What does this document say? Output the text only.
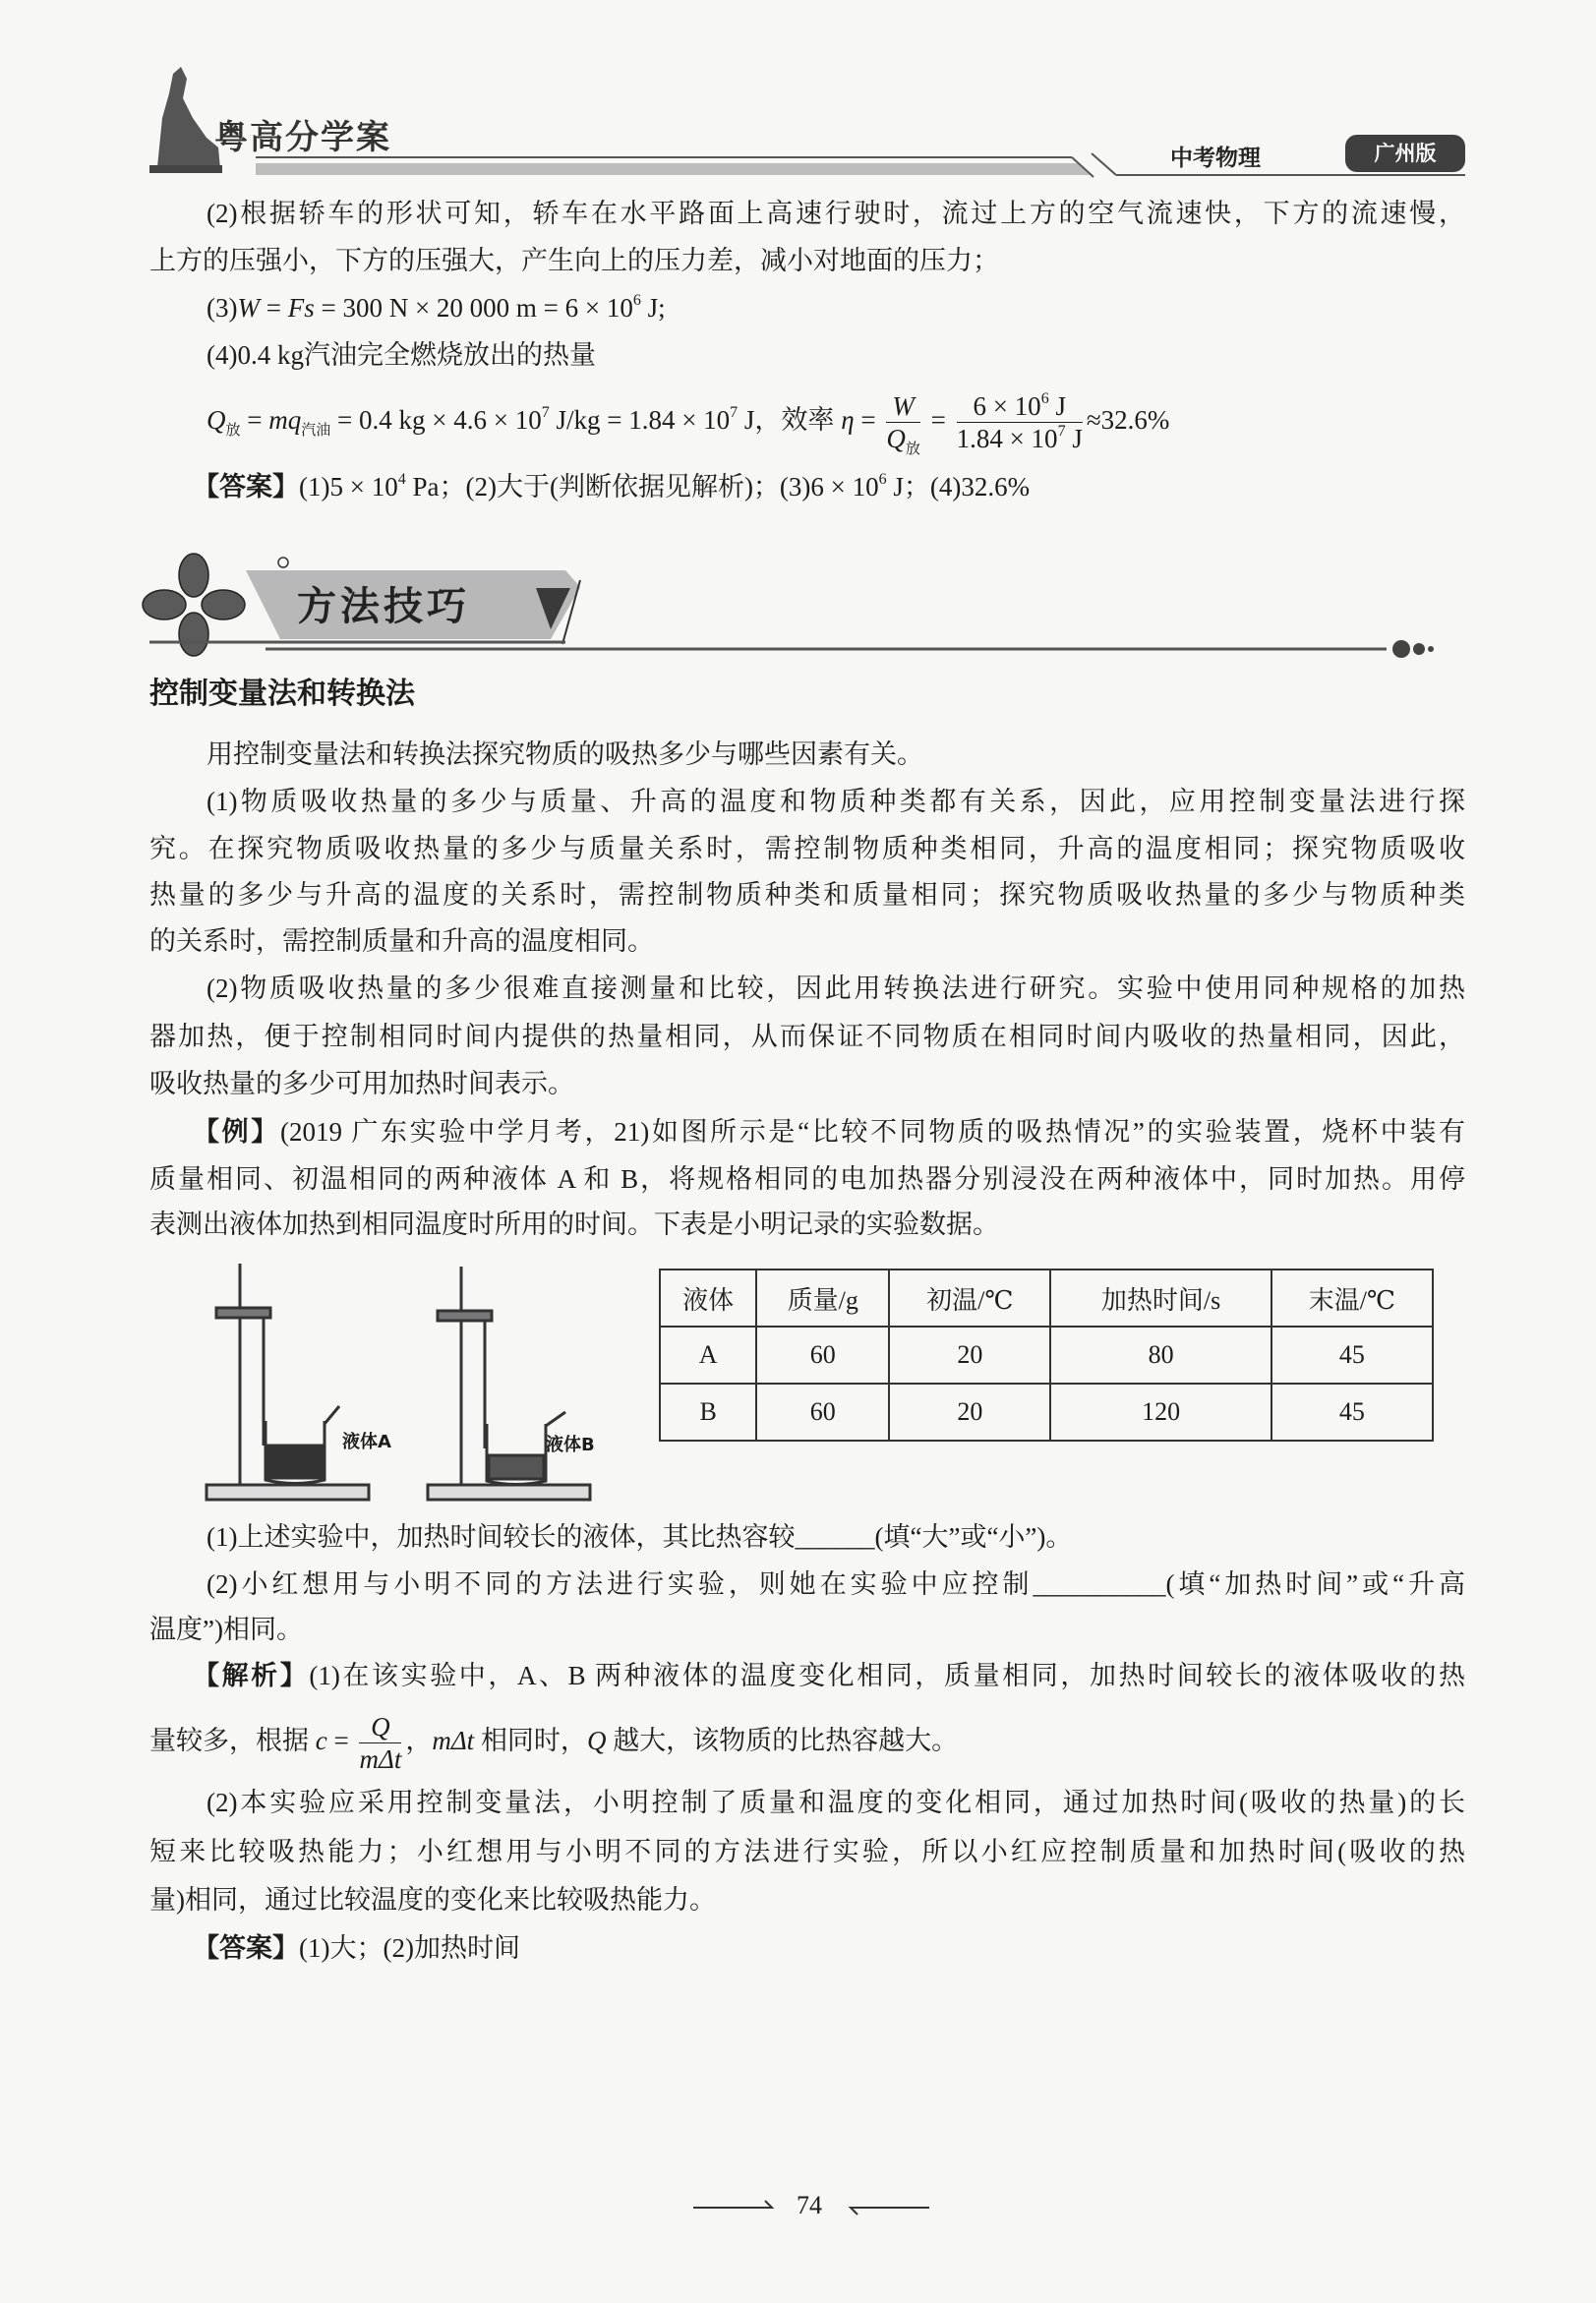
粤高分学案
中考物理	广州版
(2)根据轿车的形状可知，轿车在水平路面上高速行驶时，流过上方的空气流速快，下方的流速慢，
上方的压强小，下方的压强大，产生向上的压力差，减小对地面的压力；
(3)W = Fs = 300 N × 20 000 $m = 6 \times 10^6$ J;
(4)0.4 kg汽油完全燃烧放出的热量
$Q_放 = mq_{汽油} = 0.4$ kg × $4.6 \times 10^7$ $J/kg = 1.84 \times 10^7$ J，效率 $\eta = \frac{W}{Q_放} = \frac{6 \times 10^6 J}{1.84 \times 10^7 J} \approx 32.6\%$
【答案】$(1)5 \times 10^4$ Pa；(2)大于(判断依据见解析)；$(3)6 \times 10^6$ J；(4)32.6%
方法技巧
控制变量法和转换法
用控制变量法和转换法探究物质的吸热多少与哪些因素有关。
(1)物质吸收热量的多少与质量、升高的温度和物质种类都有关系，因此，应用控制变量法进行探
究。在探究物质吸收热量的多少与质量关系时，需控制物质种类相同，升高的温度相同；探究物质吸收
热量的多少与升高的温度的关系时，需控制物质种类和质量相同；探究物质吸收热量的多少与物质种类
的关系时，需控制质量和升高的温度相同。
(2)物质吸收热量的多少很难直接测量和比较，因此用转换法进行研究。实验中使用同种规格的加热
器加热，便于控制相同时间内提供的热量相同，从而保证不同物质在相同时间内吸收的热量相同，因此，
吸收热量的多少可用加热时间表示。
【例】(2019 广东实验中学月考，21)如图所示是“比较不同物质的吸热情况”的实验装置，烧杯中装有
质量相同、初温相同的两种液体 A 和 B，将规格相同的电加热器分别浸没在两种液体中，同时加热。用停
表测出液体加热到相同温度时所用的时间。下表是小明记录的实验数据。
液体A	液体B
液体	质量/g	初温/℃	加热时间/s	末温/℃
A	60	20	80	45
B	60	20	120	45
(1)上述实验中，加热时间较长的液体，其比热容较______(填“大”或“小”)。
(2)小红想用与小明不同的方法进行实验，则她在实验中应控制__________(填“加热时间”或“升高
温度”)相同。
【解析】(1)在该实验中，A、B 两种液体的温度变化相同，质量相同，加热时间较长的液体吸收的热
量较多，根据 $c = \frac{Q}{\text{mΔt}}$ ，mΔt 相同时，Q 越大，该物质的比热容越大。
(2)本实验应采用控制变量法，小明控制了质量和温度的变化相同，通过加热时间(吸收的热量)的长
短来比较吸热能力；小红想用与小明不同的方法进行实验，所以小红应控制质量和加热时间(吸收的热
量)相同，通过比较温度的变化来比较吸热能力。
【答案】(1)大；(2)加热时间
74
